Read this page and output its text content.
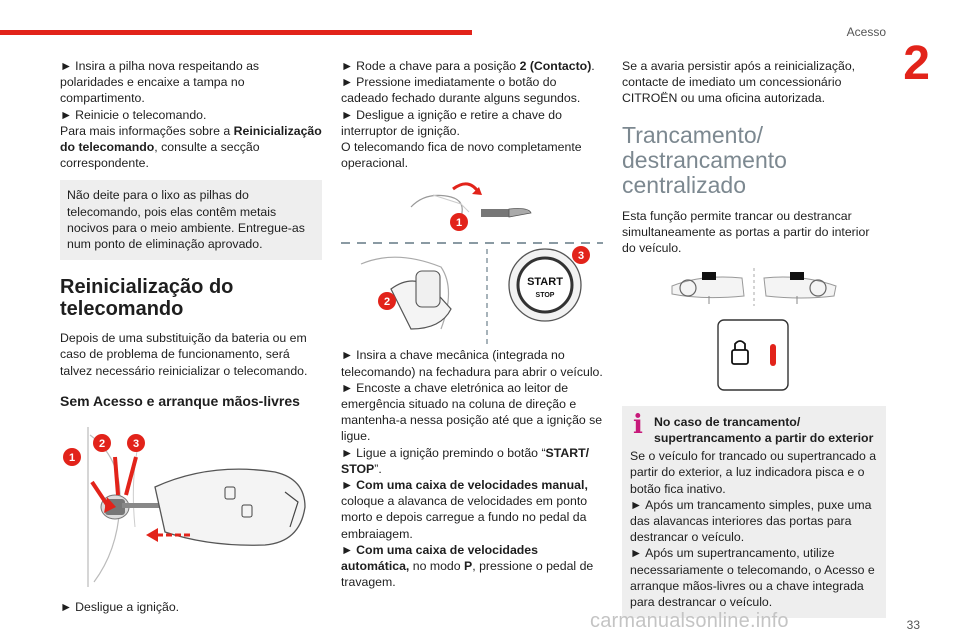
Acesso
2

► Insira a pilha nova respeitando as polaridades e encaixe a tampa no compartimento.

► Reinicie o telecomando.

Para mais informações sobre a Reinicialização do telecomando, consulte a secção correspondente.

Não deite para o lixo as pilhas do telecomando, pois elas contêm metais nocivos para o meio ambiente. Entregue-as num ponto de eliminação aprovado.

Reinicialização do telecomando

Depois de uma substituição da bateria ou em caso de problema de funcionamento, será talvez necessário reinicializar o telecomando.

Sem Acesso e arranque mãos-livres
1
2	3

► Desligue a ignição.

► Rode a chave para a posição 2 (Contacto).

► Pressione imediatamente o botão do cadeado fechado durante alguns segundos.

► Desligue a ignição e retire a chave do interruptor de ignição.

O telecomando fica de novo completamente operacional.

1
2
START
STOP
3

► Insira a chave mecânica (integrada no telecomando) na fechadura para abrir o veículo.

► Encoste a chave eletrónica ao leitor de emergência situado na coluna de direção e mantenha-a nessa posição até que a ignição se ligue.

► Ligue a ignição premindo o botão “START/ STOP”.

► Com uma caixa de velocidades manual, coloque a alavanca de velocidades em ponto morto e depois carregue a fundo no pedal da embraiagem.

► Com uma caixa de velocidades automática, no modo P, pressione o pedal de travagem.

Se a avaria persistir após a reinicialização, contacte de imediato um concessionário CITROËN ou uma oficina autorizada.

Trancamento/ destrancamento centralizado

Esta função permite trancar ou destrancar simultaneamente as portas a partir do interior do veículo.

i No caso de trancamento/ supertrancamento a partir do exterior

Se o veículo for trancado ou supertrancado a partir do exterior, a luz indicadora pisca e o botão fica inativo.

► Após um trancamento simples, puxe uma das alavancas interiores das portas para destrancar o veículo.

► Após um supertrancamento, utilize necessariamente o telecomando, o Acesso e arranque mãos-livres ou a chave integrada para destrancar o veículo.

carmanualsonline.info	33
